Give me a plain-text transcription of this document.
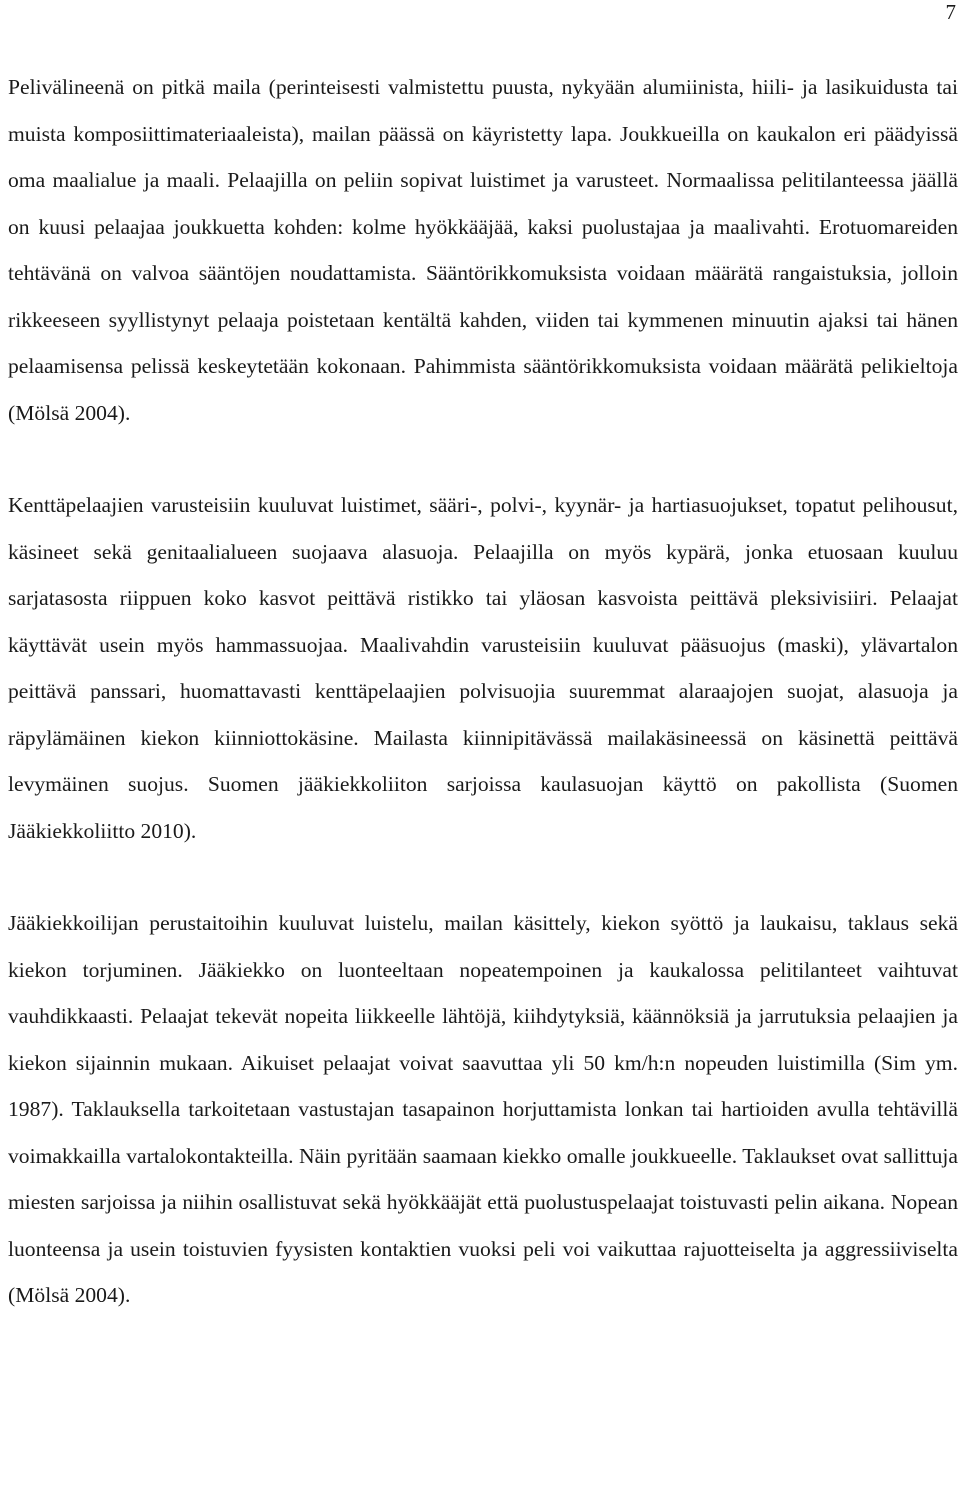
7

Pelivälineenä on pitkä maila (perinteisesti valmistettu puusta, nykyään alumiinista, hiili- ja lasikuidusta tai muista komposiittimateriaaleista), mailan päässä on käyristetty lapa. Joukkueilla on kaukalon eri päädyissä oma maalialue ja maali. Pelaajilla on peliin sopivat luistimet ja varusteet. Normaalissa pelitilanteessa jäällä on kuusi pelaajaa joukkuetta kohden: kolme hyökkääjää, kaksi puolustajaa ja maalivahti. Erotuomareiden tehtävänä on valvoa sääntöjen noudattamista. Sääntörikkomuksista voidaan määrätä rangaistuksia, jolloin rikkeeseen syyllistynyt pelaaja poistetaan kentältä kahden, viiden tai kymmenen minuutin ajaksi tai hänen pelaamisensa pelissä keskeytetään kokonaan. Pahimmista sääntörikkomuksista voidaan määrätä pelikieltoja (Mölsä 2004).

Kenttäpelaajien varusteisiin kuuluvat luistimet, sääri-, polvi-, kyynär- ja hartiasuojukset, topatut pelihousut, käsineet sekä genitaalialueen suojaava alasuoja. Pelaajilla on myös kypärä, jonka etuosaan kuuluu sarjatasosta riippuen koko kasvot peittävä ristikko tai yläosan kasvoista peittävä pleksivisiiri. Pelaajat käyttävät usein myös hammassuojaa. Maalivahdin varusteisiin kuuluvat pääsuojus (maski), ylävartalon peittävä panssari, huomattavasti kenttäpelaajien polvisuojia suuremmat alaraajojen suojat, alasuoja ja räpylämäinen kiekon kiinniottokäsine. Mailasta kiinnipitävässä mailakäsineessä on käsinettä peittävä levymäinen suojus. Suomen jääkiekkoliiton sarjoissa kaulasuojan käyttö on pakollista (Suomen Jääkiekkoliitto 2010).

Jääkiekkoilijan perustaitoihin kuuluvat luistelu, mailan käsittely, kiekon syöttö ja laukaisu, taklaus sekä kiekon torjuminen. Jääkiekko on luonteeltaan nopeatempoinen ja kaukalossa pelitilanteet vaihtuvat vauhdikkaasti. Pelaajat tekevät nopeita liikkeelle lähtöjä, kiihdytyksiä, käännöksiä ja jarrutuksia pelaajien ja kiekon sijainnin mukaan. Aikuiset pelaajat voivat saavuttaa yli 50 km/h:n nopeuden luistimilla (Sim ym. 1987). Taklauksella tarkoitetaan vastustajan tasapainon horjuttamista lonkan tai hartioiden avulla tehtävillä voimakkailla vartalokontakteilla. Näin pyritään saamaan kiekko omalle joukkueelle. Taklaukset ovat sallittuja miesten sarjoissa ja niihin osallistuvat sekä hyökkääjät että puolustuspelaajat toistuvasti pelin aikana. Nopean luonteensa ja usein toistuvien fyysisten kontaktien vuoksi peli voi vaikuttaa rajuotteiselta ja aggressiiviselta (Mölsä 2004).
